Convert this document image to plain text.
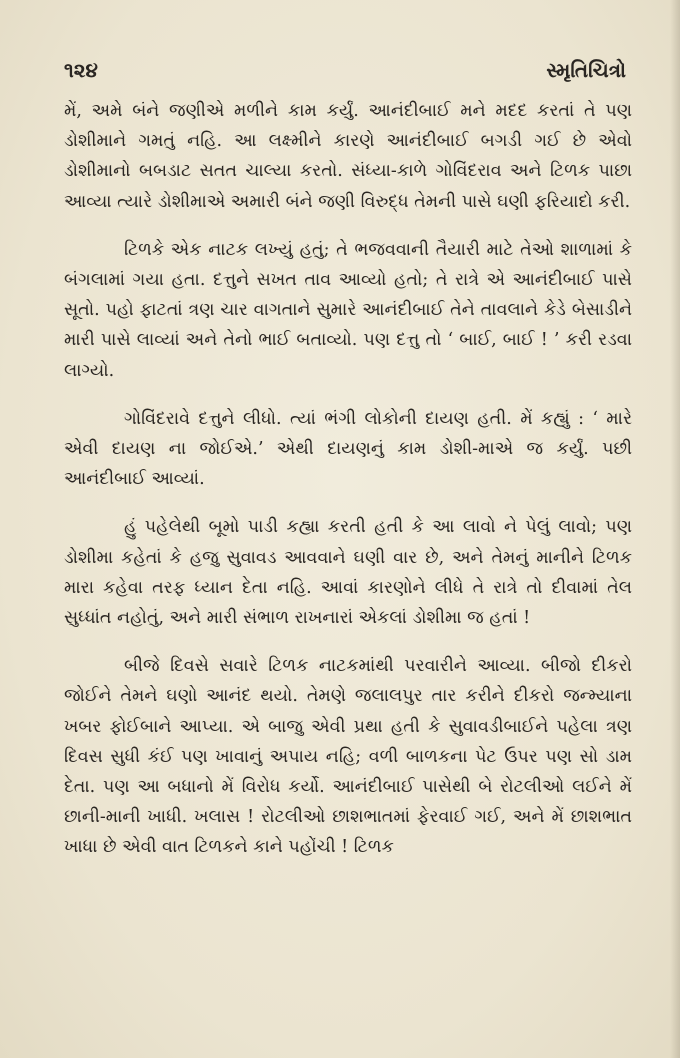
૧૨૪	સ્મૃતિચિત્રો

મેં, અમે બંને જણીએ મળીને કામ કર્યું. આનંદીબાઈ મને મદદ કરતાં તે પણ ડોશીમાને ગમતું નહિ. આ લક્ષ્મીને કારણે આનંદીબાઈ બગડી ગઈ છે એવો ડોશીમાનો બબડાટ સતત ચાલ્યા કરતો. સંધ્યા-કાળે ગોવિંદરાવ અને ટિળક પાછા આવ્યા ત્યારે ડોશીમાએ અમારી બંને જણી વિરુદ્ધ તેમની પાસે ઘણી ફરિયાદો કરી.

ટિળકે એક નાટક લખ્યું હતું; તે ભજવવાની તૈયારી માટે તેઓ શાળામાં કે બંગલામાં ગયા હતા. દત્તુને સખત તાવ આવ્યો હતો; તે રાત્રે એ આનંદીબાઈ પાસે સૂતો. પહો ફાટતાં ત્રણ ચાર વાગતાને સુમારે આનંદીબાઈ તેને તાવલાને કેડે બેસાડીને મારી પાસે લાવ્યાં અને તેનો ભાઈ બતાવ્યો. પણ દત્તુ તો ‘ બાઈ, બાઈ ! ’ કરી રડવા લાગ્યો.

ગોવિંદરાવે દત્તુને લીધો. ત્યાં ભંગી લોકોની દાયણ હતી. મેં કહ્યું : ‘ મારે એવી દાયણ ના જોઈએ.’ એથી દાયણનું કામ ડોશી-માએ જ કર્યું. પછી આનંદીબાઈ આવ્યાં.

હું પહેલેથી બૂમો પાડી કહ્યા કરતી હતી કે આ લાવો ને પેલું લાવો; પણ ડોશીમા કહેતાં કે હજુ સુવાવડ આવવાને ઘણી વાર છે, અને તેમનું માનીને ટિળક મારા કહેવા તરફ ધ્યાન દેતા નહિ. આવાં કારણોને લીધે તે રાત્રે તો દીવામાં તેલ સુધ્ધાંત નહોતું, અને મારી સંભાળ રાખનારાં એકલાં ડોશીમા જ હતાં !

બીજે દિવસે સવારે ટિળક નાટકમાંથી પરવારીને આવ્યા. બીજો દીકરો જોઈને તેમને ઘણો આનંદ થયો. તેમણે જલાલપુર તાર કરીને દીકરો જન્મ્યાના ખબર ફોઈબાને આપ્યા. એ બાજુ એવી પ્રથા હતી કે સુવાવડીબાઈને પહેલા ત્રણ દિવસ સુધી કંઈ પણ ખાવાનું અપાય નહિ; વળી બાળકના પેટ ઉપર પણ સો ડામ દેતા. પણ આ બધાનો મેં વિરોધ કર્યો. આનંદીબાઈ પાસેથી બે રોટલીઓ લઈને મેં છાની-માની ખાધી. ખલાસ ! રોટલીઓ છાશભાતમાં ફેરવાઈ ગઈ, અને મેં છાશભાત ખાધા છે એવી વાત ટિળકને કાને પહોંચી ! ટિળક
